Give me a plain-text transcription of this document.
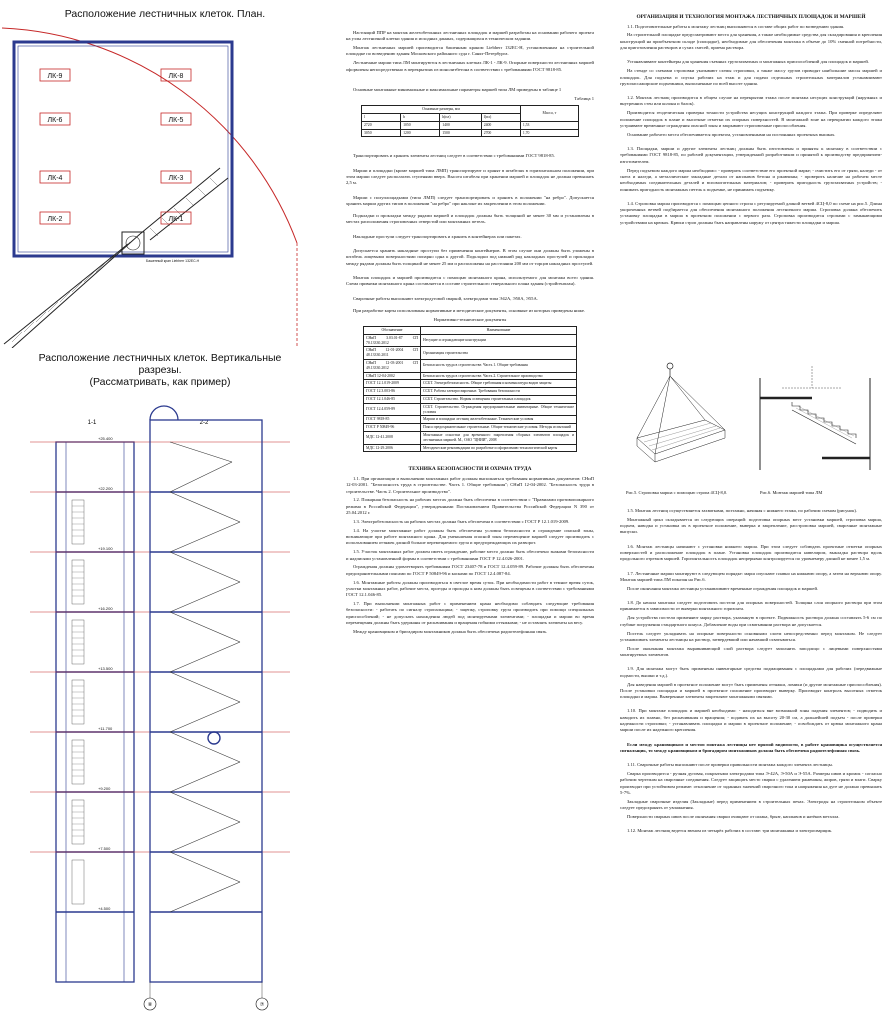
Расположение лестничных клеток. План.
ЛК-9	ЛК-8
ЛК-6	ЛК-5
ЛК-4	ЛК-3
ЛК-2	ЛК-1
Башенный кран Liebherr 132EC-H
Расположение лестничных клеток. Вертикальные разрезы.
(Рассматривать, как пример)
1-1	2-2
+25.400
+22.200
+19.100
+16.200
+13.500
+11.700
+9.200
+7.500
+4.500
⑧	⑦

Настоящий ППР на монтаж железобетонных лестничных площадок и маршей разработан на основании рабочего проекта на узлы лестничной клетки здания и исходных данных, содержащихся в техническом задании.

Монтаж лестничных маршей производится башенным краном Liebherr 132EC-H, установленным на строительной площадке по возведению здания Московского районного суда г. Санкт-Петербурга.

Лестничные марши типа ЛМ монтируются в лестничных клетках ЛК-1 - ЛК-9. Опорные поверхности лестничных маршей оформлены непосредственно в перекрытиях из монолитбетона в соответствии с требованиями ГОСТ 9818-85.

Основные монтажные минимальные и максимальные параметры маршей типа ЛМ приведены в таблице 1

Таблица 1
Основные размеры, мм				Масса, т
l	b	h(пл)	l(пл)	
2720	1050	1400	2400	1,53
3050	1200	1500	2700	1,70

Транспортировать и хранить элементы лестниц следует в соответствии с требованиями ГОСТ 9818-85.

Марши и площадки (кроме маршей типа ЛМП) транспортируют и хранят в штабелях в горизонтальном положении, при этом марши следует располагать ступенями вверх. Высота штабеля при хранении маршей и площадок не должна превышать 2,5 м.

Марши с полуплощадками (типа ЛМП) следует транспортировать и хранить в положении "на ребро". Допускается хранить марши других типов в положении "на ребро" при наклоне их закреплении в этом положении.

Подкладки и прокладки между рядами маршей и площадок должны быть толщиной не менее 30 мм и установлены в местах расположения строповочных отверстий или монтажных петель.

Накладные проступи следует транспортировать и хранить в контейнерах или пакетах.

Допускается хранить накладные проступи без применения контейнеров. В этом случае они должны быть уложены в штабель лицевыми поверхностями попарно одна к другой. Подкладки под нижний ряд накладных проступей и прокладки между рядами должны быть толщиной не менее 25 мм и расположены на расстоянии 200 мм от торцов накладных проступей.

Монтаж площадок и маршей производится с помощью монтажного крана, используемого для монтажа всего здания. Схема привязки монтажного крана составляется в составе строительного генерального плана здания (стройгенплан).

Сварочные работы выполняют электродуговой сваркой, электродами типа Э42А, Э50А, Э55А.

При разработке карты использованы нормативные и методические документы, основные из которых приведены ниже.

Нормативно-технические документы
Обозначение	Наименование
СНиП 3.03.01-87 СП 70.13330.2012	Несущие и ограждающие конструкции
СНиП 12-01-2004 СП 48.13330.2011	Организация строительства
СНиП 12-03-2001 СП 49.13330.2012	Безопасность труда в строительстве. Часть 1. Общие требования
СНиП 12-04-2002	Безопасность труда в строительстве. Часть 2. Строительное производство
ГОСТ 12.1.019-2009	ССБТ. Электробезопасность. Общие требования и номенклатура видов защиты
ГОСТ 12.3.003-86	ССБТ. Работы электросварочные. Требования безопасности
ГОСТ 12.1.046-85	ССБТ. Строительство. Нормы освещения строительных площадок
ГОСТ 12.4.059-89	ССБТ. Строительство. Ограждения предохранительные инвентарные. Общие технические условия
ГОСТ 9818-85	Марши и площадки лестниц железобетонные. Технические условия
ГОСТ Р 50849-96	Пояса предохранительные строительные. Общие технические условия. Методы испытаний
МДС 12-41.2008	Монтажные оснастки для временного закрепления сборных элементов площадок и лестничных маршей. М., ОАО "ЦНИИ", 2008
МДС 12-29.2006	Методические рекомендации по разработке и оформлению технологической карты
ТЕХНИКА БЕЗОПАСНОСТИ И ОХРАНА ТРУДА

1.1. При организации и выполнении монтажных работ должны выполняться требования нормативных документов: СНиП 12-03-2001. "Безопасность труда в строительстве. Часть 1. Общие требования"; СНиП 12-04-2002. "Безопасность труда в строительстве. Часть 2. Строительное производство".

1.2. Пожарная безопасность на рабочих местах должна быть обеспечена в соответствии с "Правилами противопожарного режима в Российской Федерации", утвержденными Постановлением Правительства Российской Федерации N 390 от 25.04.2012 г.

1.3. Электробезопасность на рабочих местах должна быть обеспечена в соответствии с ГОСТ Р 12.1.019-2009.

1.4. На участке монтажные работ должны быть обеспечены условия безопасности и ограждение опасной зоны, возникающие при работе монтажного крана. Для уменьшения опасной зоны перемещение маршей следует производить с использованием оттяжек длиной больше перемещаемого груза и предупреждающих их разворот.

1.5. Участок монтажных работ должен иметь ограждение, рабочие место должно быть обеспечено знаками безопасности и надписями установленной формы в соответствии с требованиями ГОСТ Р 12.4.026-2001.

Ограждения должны удовлетворять требованиям ГОСТ 23407-78 и ГОСТ 12.4.059-89. Рабочие должны быть обеспечены предохранительными поясами по ГОСТ Р 50849-96 и касками по ГОСТ 12.4.087-84.

1.6. Монтажные работы должны производиться в светлое время суток. При необходимости работ в темное время суток, участки монтажных работ, рабочие места, проезды и проходы к ним должны быть освещены в соответствии с требованиями ГОСТ 12.1.046-85.

1.7. При выполнении монтажных работ с применением крана необходимо соблюдать следующие требования безопасности: - работать по сигналу стропальщика; - зацепку, строповку груза производить при помощи специальных приспособлений; - не допускать нахождения людей под монтируемыми элементами; - площадки и марши во время перемещения должны быть удержаны от раскачивания и вращения гибкими оттяжками; - не оставлять элементы на весу.

Между крановщиком и бригадиром монтажников должна быть обеспечена радиотелефонная связь.

ОРГАНИЗАЦИЯ И ТЕХНОЛОГИЯ МОНТАЖА ЛЕСТНИЧНЫХ ПЛОЩАДОК И МАРШЕЙ

1.1. Подготовительные работы к монтажу лестниц выполняются в составе общих работ по возведению здания.

На строительной площадке предусматривают места для хранения, а также необходимые средства для складирования и крепления конструкций на приобъектном складе (площадке), необходимые для обеспечения монтажа в объеме до 10% сменной потребности, для приготовления растворов и сухих смесей, приема раствора.

Устанавливают контейнеры для хранения съемных грузозахватных и монтажных приспособлений для площадок и маршей.

На стенде со схемами строповки указывают схемы строповки, а также массу грузов приводят наибольшие массы маршей и площадок. Для подъема и спуска рабочих на этаж и для подачи отдельных строительных материалов устанавливают грузопассажирские подъемники, выполненные по всей высоте здания.

1.2. Монтаж лестниц производится в общем случае на перекрытии этажа после монтажа несущих конструкций (наружных и внутренних стен или колонн и балок).

Производится геодезическая проверка точности устройства несущих конструкций каждого этажа. При проверке определяют положение площадок в плане и высотные отметки их опорных поверхностей. В монтажной зоне на перекрытии каждого этажа устраивают временные ограждения опасной зоны и закрывают строповочные приспособления.

Основание рабочего места обеспечивается проектом, установленными на постоянных проектных вышках.

1.3. Площадки, марши и другие элементы лестниц должны быть изготовлены и приняты к монтажу в соответствии с требованиями ГОСТ 9818-85, по рабочей документации, утвержденной разработчиком и принятой к производству предприятием-изготовителем.

Перед подъемом каждого марша необходимо: - проверить соответствие его проектной марке; - очистить его от грязи, наледи - от снега и наледи, а металлические закладные детали от наплывов бетона и ржавчины; - проверить наличие на рабочем месте необходимых соединительных деталей и вспомогательных материалов; - проверить пригодность грузозахватных устройств; - понимать пригодность монтажных петель к подъемке, не принимать подъемку.

1.4. Строповка марша производится с помощью цепного стропа с регулируемой длиной ветвей 4СЦ-8,0 по схеме на рис.5. Длина укороченных ветвей подбирается для обеспечения монтажного положения лестничного марша. Строповка должна обеспечить установку площадки в марша в проектном положении с первого раза. Строповка производится стропами с замыкающими устройствами на крюках. Крюки строп должны быть направлены наружу от центра тяжести площадки и марша.

Рис.5. Строповка марша с помощью стропа 4СЦ-8,0.	Рис.6. Монтаж маршей типа ЛМ

1.5. Монтаж лестниц осуществляется захватками, поэтажно, начиная с нижнего этажа, по рабочим схемам (рисунок).

Монтажный цикл складывается из следующих операций: подготовка опорных мест установки маршей, строповка марша, подъем, наводка и установка их в проектное положение, выверка и закрепление, расстроповка маршей, сварочные монтажные выпуски.

1.6. Монтаж лестницы начинают с установки нижнего марша. При этом следует соблюдать проектные отметки опорных поверхностей и расположение площадок в плане. Установка площадок производится нивелиром, выкладка раствора вдоль продольного отрезков маршей. Горизонтальность площадок непрерывно контролируется по уровнемеру длиной не менее 1,5 м.

1.7. Лестничные марши монтируют в следующем порядке: марш опускают плавно на нижнюю опору, а затем на верхнюю опору. Монтаж маршей типа ЛМ показан на Рис.6.

После окончания монтажа лестницы устанавливают временные ограждения площадок и маршей.

1.8. До начала монтажа следует подготовить постели для опорных поверхностей. Толщина слоя опорного раствора при этом принимается в зависимости от выверки монтажного горизонта.

Для устройства постели применяют марку раствора, указанную в проекте. Подвижность раствора должна составлять 5-6 см по глубине погружения стандартного конуса. Добавление воды при схватывании раствора не допускается.

Постель следует укладывать на опорные поверхности основными слоем непосредственно перед монтажом. Не следует устанавливать элементы лестницы на раствор, затвердевший или начавший схватываться.

После окончания монтажа выравнивающий слой раствора следует заполнить заподлицо с лицевыми поверхностями монтируемых элементов.

1.9. Для монтажа могут быть применены инвентарные средства подмащивания с площадками для рабочих (передвижные подмости, вышки и т.д.).

Для наведения маршей в проектное положение могут быть применены оттяжки, ломики (и другие монтажные приспособления). После установки площадки и маршей в проектное положение производят выверку. Производят контроль высотных отметок площадки и марша. Выверенные элементы закрепляют монтажными связями.

1.10. При монтаже площадок и маршей необходимо: - находиться вне возможной зоны падения элементов; - подводить и наводить их плавно, без раскачивания и вращения; - подавать их на высоту 20-30 см, а дальнейшей подъем - после проверки надежности строповки; - устанавливать площадки и марши в проектное положение; - освобождать от крюка монтажного крана марши после их надежного крепления.

Если между крановщиком и местом монтажа лестницы нет прямой видимости, в работе крановщика осуществляется сигнальщик, то между крановщиком и бригадиром монтажников должна быть обеспечена радиотелефонная связь.

1.11. Сварочные работы выполняют после проверки правильности монтажа каждого элемента лестницы.

Сварка производится - ручная дуговая, покрытыми электродами типа Э-42А, Э-50А и Э-55А. Размеры швов и кромок - согласно рабочим чертежам на сварочные соединения. Следует защищать место сварки с удалением ржавчины, жиров, грязи и влаги. Сварку производят при устойчивом режиме: отклонение от заданных значений сварочного тока и напряжения на дуге не должно превышать 5-7%.

Закладные сварочные изделия (Закладные) перед применением в строительных печах. Электроды на строительном объекте следует предохранять от увлажнения.

Поверхности сварных швов после окончания сварки очищают от шлака, брызг, наплывов и натёков металла.

1.12. Монтаж лестниц ведется звеном из четырёх рабочих в составе: три монтажника и электросварщик.
